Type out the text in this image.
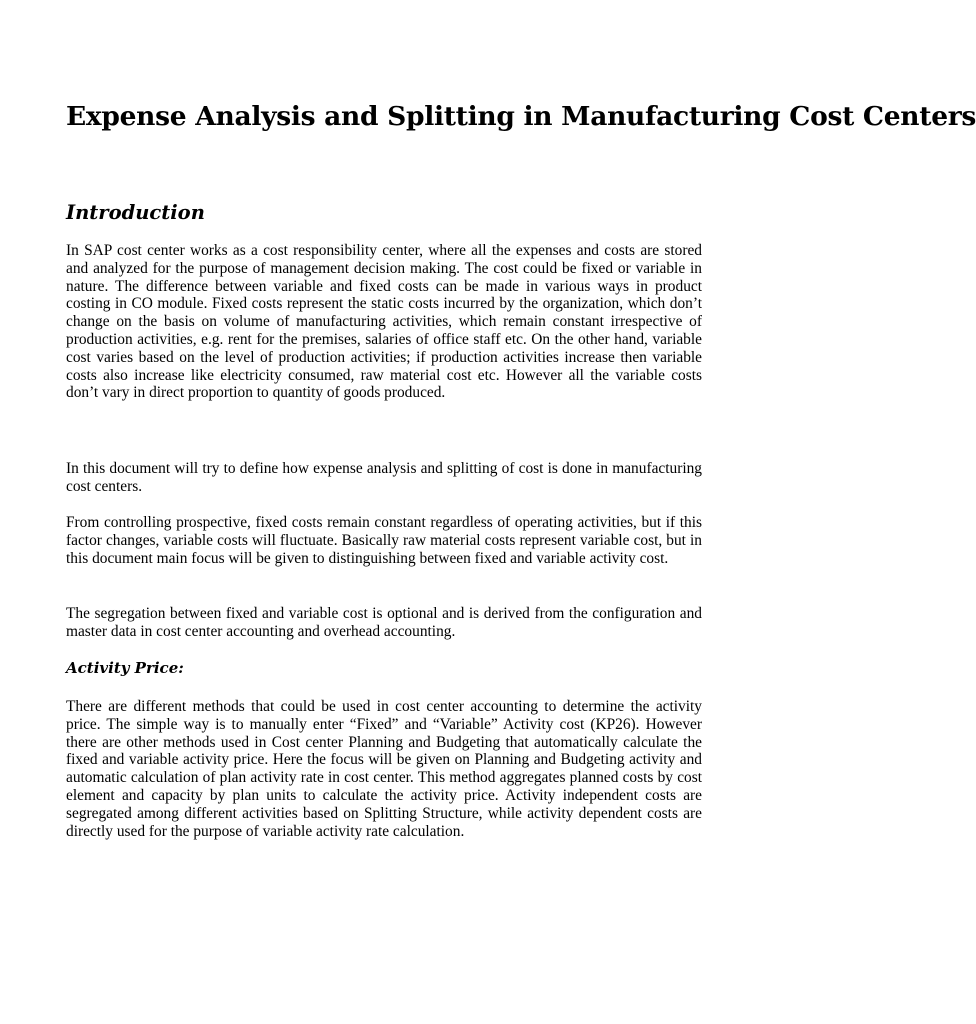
Expense Analysis and Splitting in Manufacturing Cost Centers
Introduction

In SAP cost center works as a cost responsibility center, where all the expenses and costs are stored and analyzed for the purpose of management decision making. The cost could be fixed or variable in nature. The difference between variable and fixed costs can be made in various ways in product costing in CO module. Fixed costs represent the static costs incurred by the organization, which don’t change on the basis on volume of manufacturing activities, which remain constant irrespective of production activities, e.g. rent for the premises, salaries of office staff etc. On the other hand, variable cost varies based on the level of production activities; if production activities increase then variable costs also increase like electricity consumed, raw material cost etc. However all the variable costs don’t vary in direct proportion to quantity of goods produced.

In this document will try to define how expense analysis and splitting of cost is done in manufacturing cost centers.

From controlling prospective, fixed costs remain constant regardless of operating activities, but if this factor changes, variable costs will fluctuate. Basically raw material costs represent variable cost, but in this document main focus will be given to distinguishing between fixed and variable activity cost.

The segregation between fixed and variable cost is optional and is derived from the configuration and master data in cost center accounting and overhead accounting.

Activity Price:

There are different methods that could be used in cost center accounting to determine the activity price. The simple way is to manually enter “Fixed” and “Variable” Activity cost (KP26). However there are other methods used in Cost center Planning and Budgeting that automatically calculate the fixed and variable activity price. Here the focus will be given on Planning and Budgeting activity and automatic calculation of plan activity rate in cost center. This method aggregates planned costs by cost element and capacity by plan units to calculate the activity price. Activity independent costs are segregated among different activities based on Splitting Structure, while activity dependent costs are directly used for the purpose of variable activity rate calculation.
